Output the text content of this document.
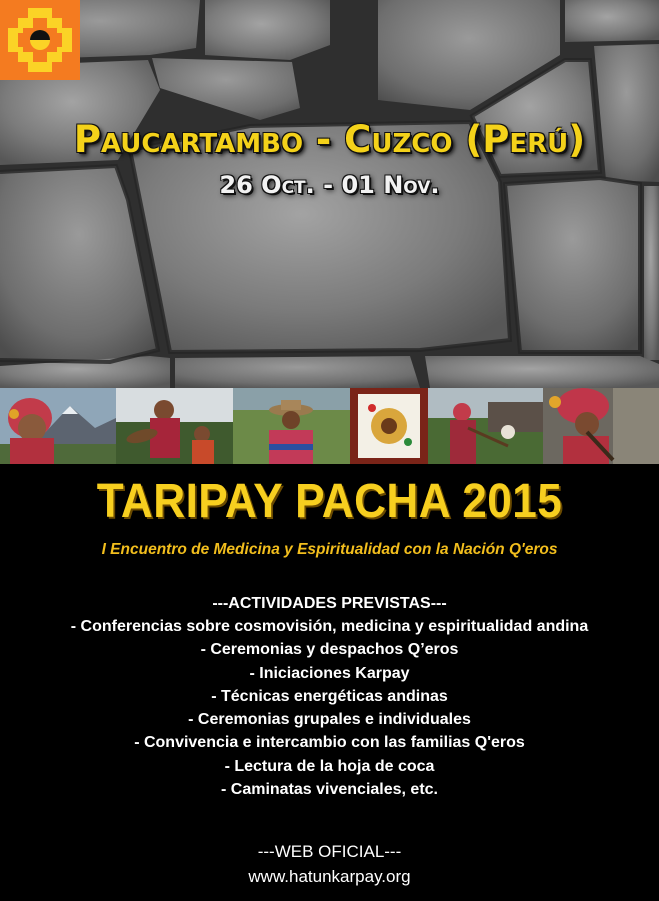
Paucartambo - Cuzco (Perú)
26 Oct. - 01 Nov.
TARIPAY PACHA 2015
I Encuentro de Medicina y Espiritualidad con la Nación Q'eros
---ACTIVIDADES PREVISTAS---
- Conferencias sobre cosmovisión, medicina y espiritualidad andina
- Ceremonias y despachos Q’eros
- Iniciaciones Karpay
- Técnicas energéticas andinas
- Ceremonias grupales e individuales
- Convivencia e intercambio con las familias Q'eros
- Lectura de la hoja de coca
- Caminatas vivenciales, etc.
---WEB OFICIAL---
www.hatunkarpay.org
